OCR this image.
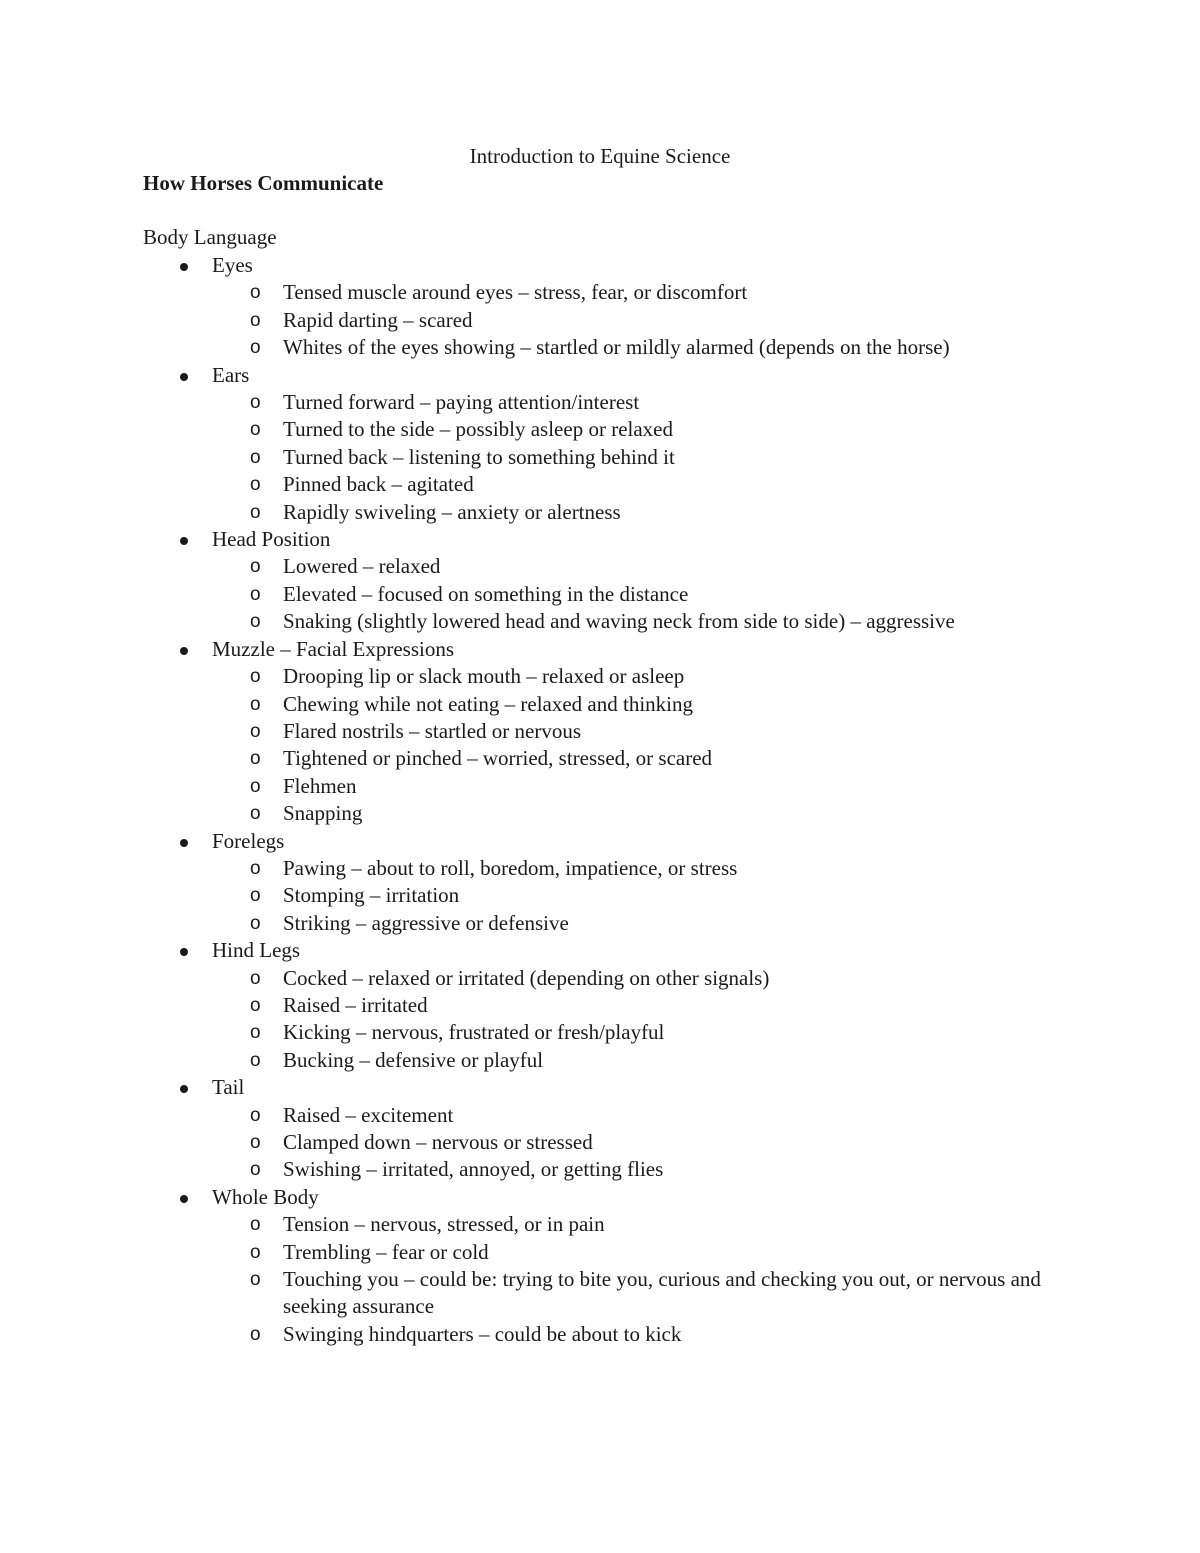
Introduction to Equine Science
How Horses Communicate
Body Language
Eyes
o Tensed muscle around eyes – stress, fear, or discomfort
o Rapid darting – scared
o Whites of the eyes showing – startled or mildly alarmed (depends on the horse)
Ears
o Turned forward – paying attention/interest
o Turned to the side – possibly asleep or relaxed
o Turned back – listening to something behind it
o Pinned back – agitated
o Rapidly swiveling – anxiety or alertness
Head Position
o Lowered – relaxed
o Elevated – focused on something in the distance
o Snaking (slightly lowered head and waving neck from side to side) – aggressive
Muzzle – Facial Expressions
o Drooping lip or slack mouth – relaxed or asleep
o Chewing while not eating – relaxed and thinking
o Flared nostrils – startled or nervous
o Tightened or pinched – worried, stressed, or scared
o Flehmen
o Snapping
Forelegs
o Pawing – about to roll, boredom, impatience, or stress
o Stomping – irritation
o Striking – aggressive or defensive
Hind Legs
o Cocked – relaxed or irritated (depending on other signals)
o Raised – irritated
o Kicking – nervous, frustrated or fresh/playful
o Bucking – defensive or playful
Tail
o Raised – excitement
o Clamped down – nervous or stressed
o Swishing – irritated, annoyed, or getting flies
Whole Body
o Tension – nervous, stressed, or in pain
o Trembling – fear or cold
o Touching you – could be: trying to bite you, curious and checking you out, or nervous and seeking assurance
o Swinging hindquarters – could be about to kick
